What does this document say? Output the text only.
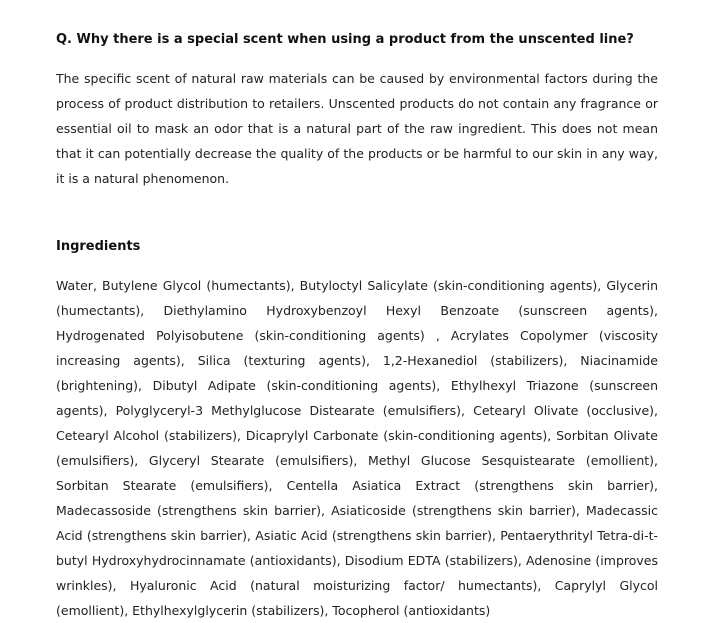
Q. Why there is a special scent when using a product from the unscented line?

The specific scent of natural raw materials can be caused by environmental factors during the process of product distribution to retailers. Unscented products do not contain any fragrance or essential oil to mask an odor that is a natural part of the raw ingredient. This does not mean that it can potentially decrease the quality of the products or be harmful to our skin in any way, it is a natural phenomenon.

Ingredients

Water, Butylene Glycol (humectants), Butyloctyl Salicylate (skin-conditioning agents), Glycerin (humectants), Diethylamino Hydroxybenzoyl Hexyl Benzoate (sunscreen agents), Hydrogenated Polyisobutene (skin-conditioning agents) , Acrylates Copolymer (viscosity increasing agents), Silica (texturing agents), 1,2-Hexanediol (stabilizers), Niacinamide (brightening), Dibutyl Adipate (skin-conditioning agents), Ethylhexyl Triazone (sunscreen agents), Polyglyceryl-3 Methylglucose Distearate (emulsifiers), Cetearyl Olivate (occlusive), Cetearyl Alcohol (stabilizers), Dicaprylyl Carbonate (skin-conditioning agents), Sorbitan Olivate (emulsifiers), Glyceryl Stearate (emulsifiers), Methyl Glucose Sesquistearate (emollient), Sorbitan Stearate (emulsifiers), Centella Asiatica Extract (strengthens skin barrier), Madecassoside (strengthens skin barrier), Asiaticoside (strengthens skin barrier), Madecassic Acid (strengthens skin barrier), Asiatic Acid (strengthens skin barrier), Pentaerythrityl Tetra-di-t-butyl Hydroxyhydrocinnamate (antioxidants), Disodium EDTA (stabilizers), Adenosine (improves wrinkles), Hyaluronic Acid (natural moisturizing factor/ humectants), Caprylyl Glycol (emollient), Ethylhexylglycerin (stabilizers), Tocopherol (antioxidants)
